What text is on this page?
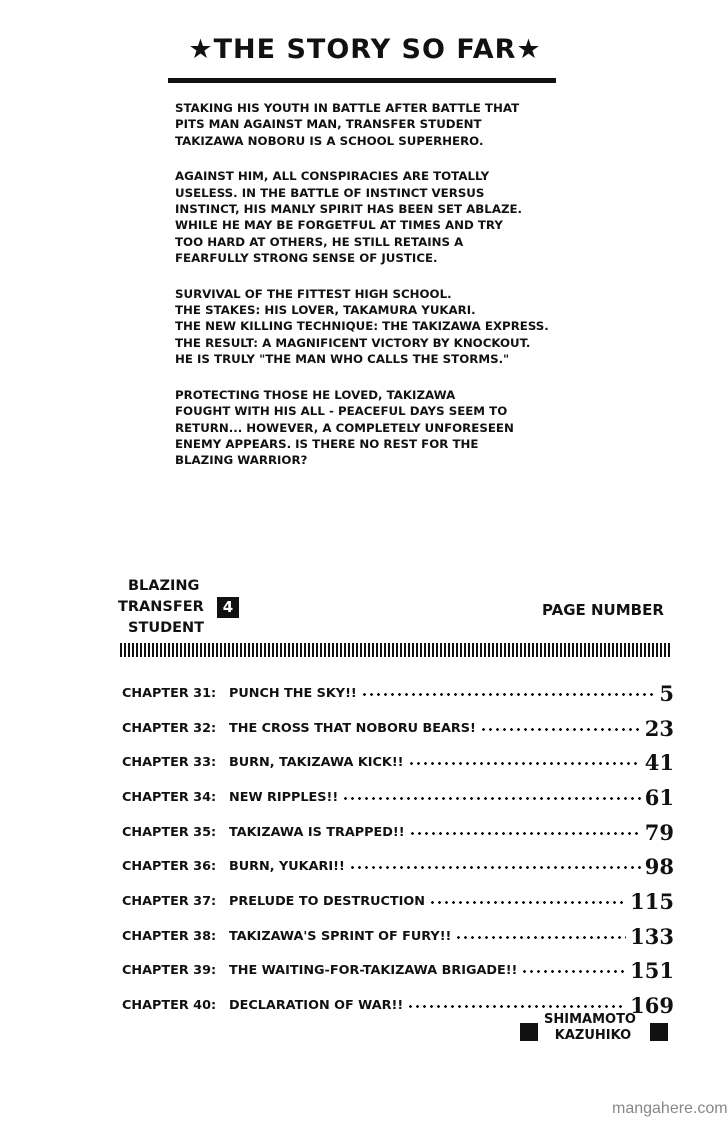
★THE STORY SO FAR★

STAKING HIS YOUTH IN BATTLE AFTER BATTLE THAT
PITS MAN AGAINST MAN, TRANSFER STUDENT
TAKIZAWA NOBORU IS A SCHOOL SUPERHERO.

AGAINST HIM, ALL CONSPIRACIES ARE TOTALLY
USELESS. IN THE BATTLE OF INSTINCT VERSUS
INSTINCT, HIS MANLY SPIRIT HAS BEEN SET ABLAZE.
WHILE HE MAY BE FORGETFUL AT TIMES AND TRY
TOO HARD AT OTHERS, HE STILL RETAINS A
FEARFULLY STRONG SENSE OF JUSTICE.

SURVIVAL OF THE FITTEST HIGH SCHOOL.
THE STAKES: HIS LOVER, TAKAMURA YUKARI.
THE NEW KILLING TECHNIQUE: THE TAKIZAWA EXPRESS.
THE RESULT: A MAGNIFICENT VICTORY BY KNOCKOUT.
HE IS TRULY "THE MAN WHO CALLS THE STORMS."

PROTECTING THOSE HE LOVED, TAKIZAWA
FOUGHT WITH HIS ALL - PEACEFUL DAYS SEEM TO
RETURN... HOWEVER, A COMPLETELY UNFORESEEN
ENEMY APPEARS. IS THERE NO REST FOR THE
BLAZING WARRIOR?

BLAZING
TRANSFER
STUDENT
4	PAGE NUMBER
CHAPTER 31:	PUNCH THE SKY!!	5
CHAPTER 32:	THE CROSS THAT NOBORU BEARS!	23
CHAPTER 33:	BURN, TAKIZAWA KICK!!	41
CHAPTER 34:	NEW RIPPLES!!	61
CHAPTER 35:	TAKIZAWA IS TRAPPED!!	79
CHAPTER 36:	BURN, YUKARI!!	98
CHAPTER 37:	PRELUDE TO DESTRUCTION	115
CHAPTER 38:	TAKIZAWA'S SPRINT OF FURY!!	133
CHAPTER 39:	THE WAITING-FOR-TAKIZAWA BRIGADE!!	151
CHAPTER 40:	DECLARATION OF WAR!!	169
SHIMAMOTO
KAZUHIKO
mangahere.com
